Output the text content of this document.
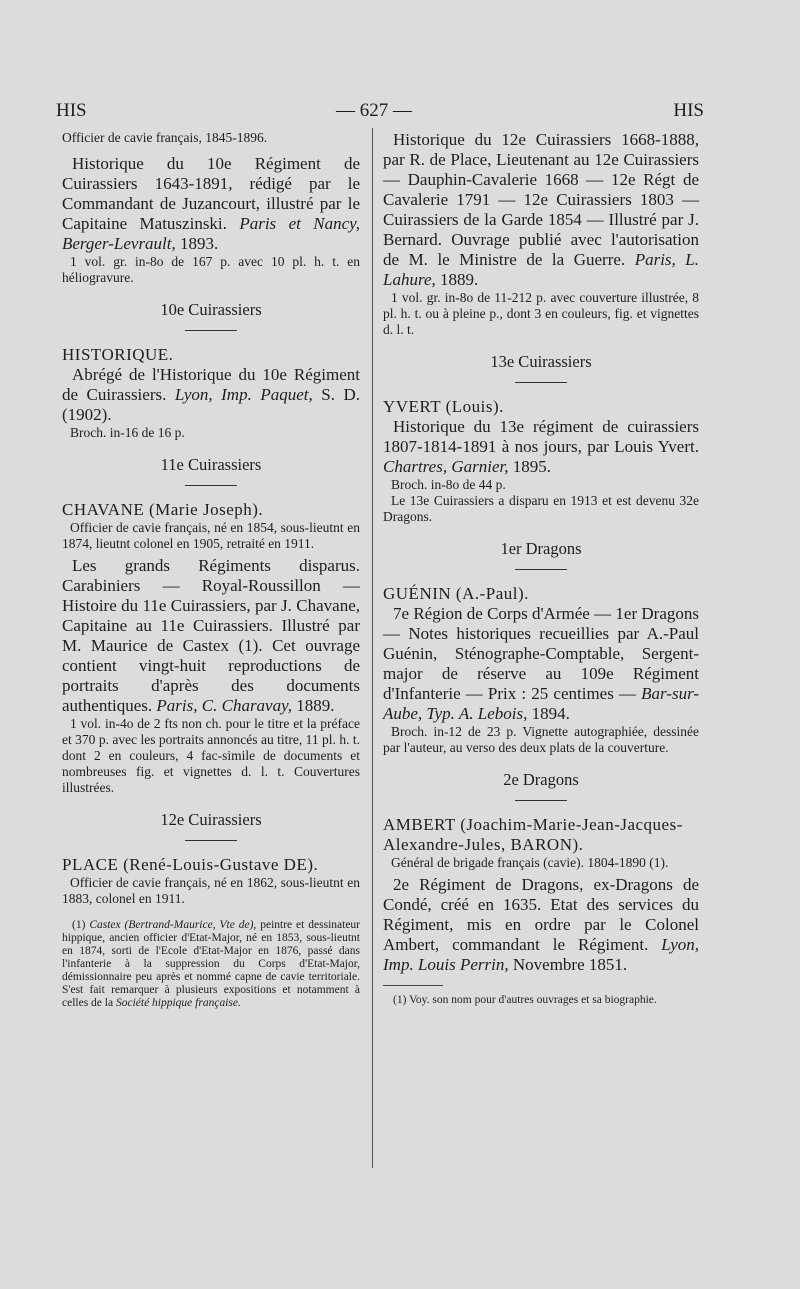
HIS	— 627 —	HIS

Officier de cavie français, 1845-1896.

Historique du 10e Régiment de Cuirassiers 1643-1891, rédigé par le Commandant de Juzancourt, illustré par le Capitaine Matuszinski. Paris et Nancy, Berger-Levrault, 1893.

1 vol. gr. in-8o de 167 p. avec 10 pl. h. t. en héliogravure.

10e Cuirassiers

HISTORIQUE.

Abrégé de l'Historique du 10e Régiment de Cuirassiers. Lyon, Imp. Paquet, S. D. (1902).

Broch. in-16 de 16 p.

11e Cuirassiers

CHAVANE (Marie Joseph).

Officier de cavie français, né en 1854, sous-lieutnt en 1874, lieutnt colonel en 1905, retraité en 1911.

Les grands Régiments disparus. Carabiniers — Royal-Roussillon — Histoire du 11e Cuirassiers, par J. Chavane, Capitaine au 11e Cuirassiers. Illustré par M. Maurice de Castex (1). Cet ouvrage contient vingt-huit reproductions de portraits d'après des documents authentiques. Paris, C. Charavay, 1889.

1 vol. in-4o de 2 fts non ch. pour le titre et la préface et 370 p. avec les portraits annoncés au titre, 11 pl. h. t. dont 2 en couleurs, 4 fac-simile de documents et nombreuses fig. et vignettes d. l. t. Couvertures illustrées.

12e Cuirassiers

PLACE (René-Louis-Gustave DE).

Officier de cavie français, né en 1862, sous-lieutnt en 1883, colonel en 1911.

(1) Castex (Bertrand-Maurice, Vte de), peintre et dessinateur hippique, ancien officier d'Etat-Major, né en 1853, sous-lieutnt en 1874, sorti de l'Ecole d'Etat-Major en 1876, passé dans l'infanterie à la suppression du Corps d'Etat-Major, démissionnaire peu après et nommé capne de cavie territoriale. S'est fait remarquer à plusieurs expositions et notamment à celles de la Société hippique française.

Historique du 12e Cuirassiers 1668-1888, par R. de Place, Lieutenant au 12e Cuirassiers — Dauphin-Cavalerie 1668 — 12e Régt de Cavalerie 1791 — 12e Cuirassiers 1803 — Cuirassiers de la Garde 1854 — Illustré par J. Bernard. Ouvrage publié avec l'autorisation de M. le Ministre de la Guerre. Paris, L. Lahure, 1889.

1 vol. gr. in-8o de 11-212 p. avec couverture illustrée, 8 pl. h. t. ou à pleine p., dont 3 en couleurs, fig. et vignettes d. l. t.

13e Cuirassiers

YVERT (Louis).

Historique du 13e régiment de cuirassiers 1807-1814-1891 à nos jours, par Louis Yvert. Chartres, Garnier, 1895.

Broch. in-8o de 44 p.

Le 13e Cuirassiers a disparu en 1913 et est devenu 32e Dragons.

1er Dragons

GUÉNIN (A.-Paul).

7e Région de Corps d'Armée — 1er Dragons — Notes historiques recueillies par A.-Paul Guénin, Sténographe-Comptable, Sergent-major de réserve au 109e Régiment d'Infanterie — Prix : 25 centimes — Bar-sur-Aube, Typ. A. Lebois, 1894.

Broch. in-12 de 23 p. Vignette autographiée, dessinée par l'auteur, au verso des deux plats de la couverture.

2e Dragons

AMBERT (Joachim-Marie-Jean-Jacques-Alexandre-Jules, BARON).

Général de brigade français (cavie). 1804-1890 (1).

2e Régiment de Dragons, ex-Dragons de Condé, créé en 1635. Etat des services du Régiment, mis en ordre par le Colonel Ambert, commandant le Régiment. Lyon, Imp. Louis Perrin, Novembre 1851.

(1) Voy. son nom pour d'autres ouvrages et sa biographie.
